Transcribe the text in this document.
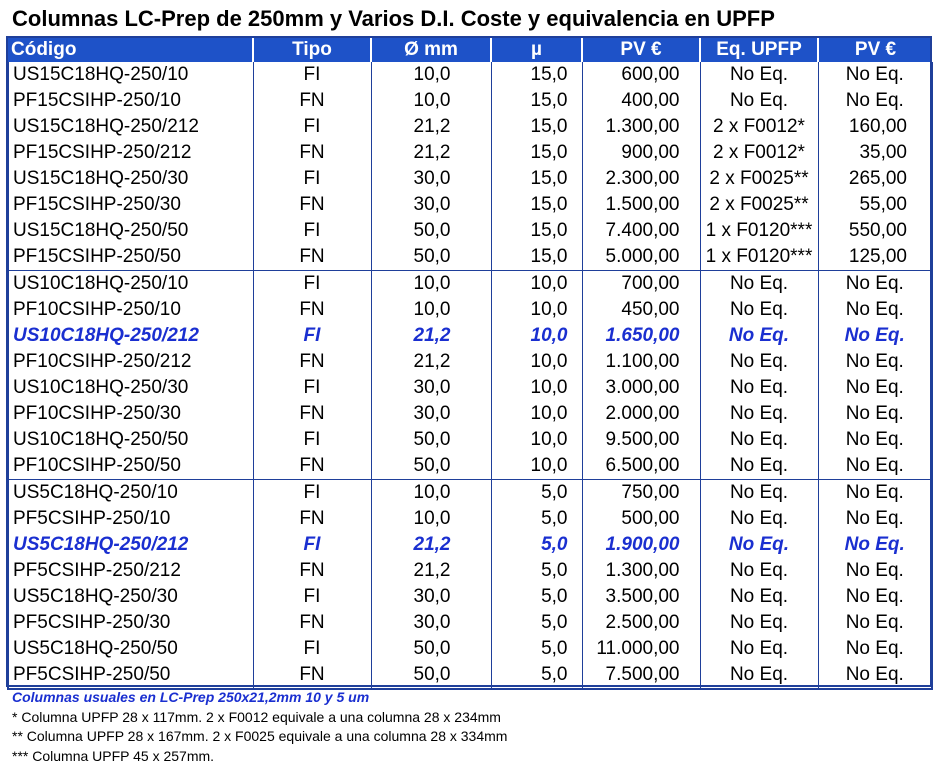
Columnas LC-Prep de 250mm y Varios D.I. Coste y equivalencia en UPFP
Código	Tipo	Ø mm	µ	PV €	Eq. UPFP	PV €
US15C18HQ-250/10	FI	10,0	15,0	600,00	No Eq.	No Eq.
PF15CSIHP-250/10	FN	10,0	15,0	400,00	No Eq.	No Eq.
US15C18HQ-250/212	FI	21,2	15,0	1.300,00	2 x F0012*	160,00
PF15CSIHP-250/212	FN	21,2	15,0	900,00	2 x F0012*	35,00
US15C18HQ-250/30	FI	30,0	15,0	2.300,00	2 x F0025**	265,00
PF15CSIHP-250/30	FN	30,0	15,0	1.500,00	2 x F0025**	55,00
US15C18HQ-250/50	FI	50,0	15,0	7.400,00	1 x F0120***	550,00
PF15CSIHP-250/50	FN	50,0	15,0	5.000,00	1 x F0120***	125,00
US10C18HQ-250/10	FI	10,0	10,0	700,00	No Eq.	No Eq.
PF10CSIHP-250/10	FN	10,0	10,0	450,00	No Eq.	No Eq.
US10C18HQ-250/212	FI	21,2	10,0	1.650,00	No Eq.	No Eq.
PF10CSIHP-250/212	FN	21,2	10,0	1.100,00	No Eq.	No Eq.
US10C18HQ-250/30	FI	30,0	10,0	3.000,00	No Eq.	No Eq.
PF10CSIHP-250/30	FN	30,0	10,0	2.000,00	No Eq.	No Eq.
US10C18HQ-250/50	FI	50,0	10,0	9.500,00	No Eq.	No Eq.
PF10CSIHP-250/50	FN	50,0	10,0	6.500,00	No Eq.	No Eq.
US5C18HQ-250/10	FI	10,0	5,0	750,00	No Eq.	No Eq.
PF5CSIHP-250/10	FN	10,0	5,0	500,00	No Eq.	No Eq.
US5C18HQ-250/212	FI	21,2	5,0	1.900,00	No Eq.	No Eq.
PF5CSIHP-250/212	FN	21,2	5,0	1.300,00	No Eq.	No Eq.
US5C18HQ-250/30	FI	30,0	5,0	3.500,00	No Eq.	No Eq.
PF5CSIHP-250/30	FN	30,0	5,0	2.500,00	No Eq.	No Eq.
US5C18HQ-250/50	FI	50,0	5,0	11.000,00	No Eq.	No Eq.
PF5CSIHP-250/50	FN	50,0	5,0	7.500,00	No Eq.	No Eq.
Columnas usuales en LC-Prep 250x21,2mm 10 y 5 um
* Columna UPFP 28 x 117mm. 2 x F0012 equivale a una columna 28 x 234mm
** Columna UPFP 28 x 167mm. 2 x F0025 equivale a una columna 28 x 334mm
*** Columna UPFP 45 x 257mm.
